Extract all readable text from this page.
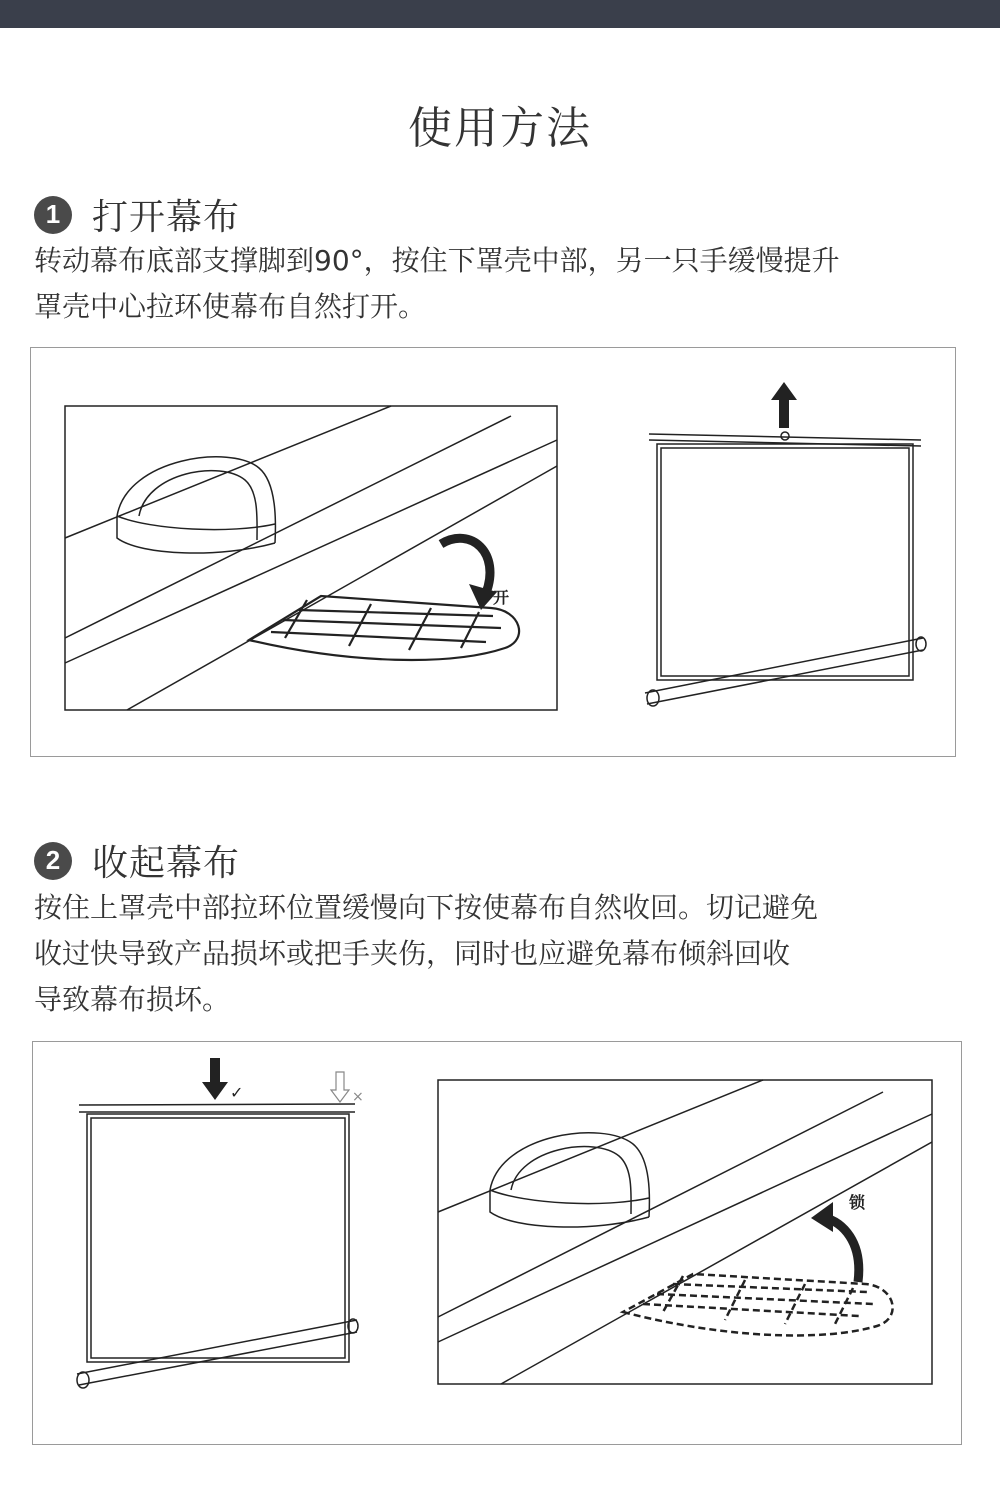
使用方法
1 打开幕布
转动幕布底部支撑脚到90°，按住下罩壳中部，另一只手缓慢提升
罩壳中心拉环使幕布自然打开。
开
2 收起幕布
按住上罩壳中部拉环位置缓慢向下按使幕布自然收回。切记避免
收过快导致产品损坏或把手夹伤，同时也应避免幕布倾斜回收
导致幕布损坏。
✓	×
锁
